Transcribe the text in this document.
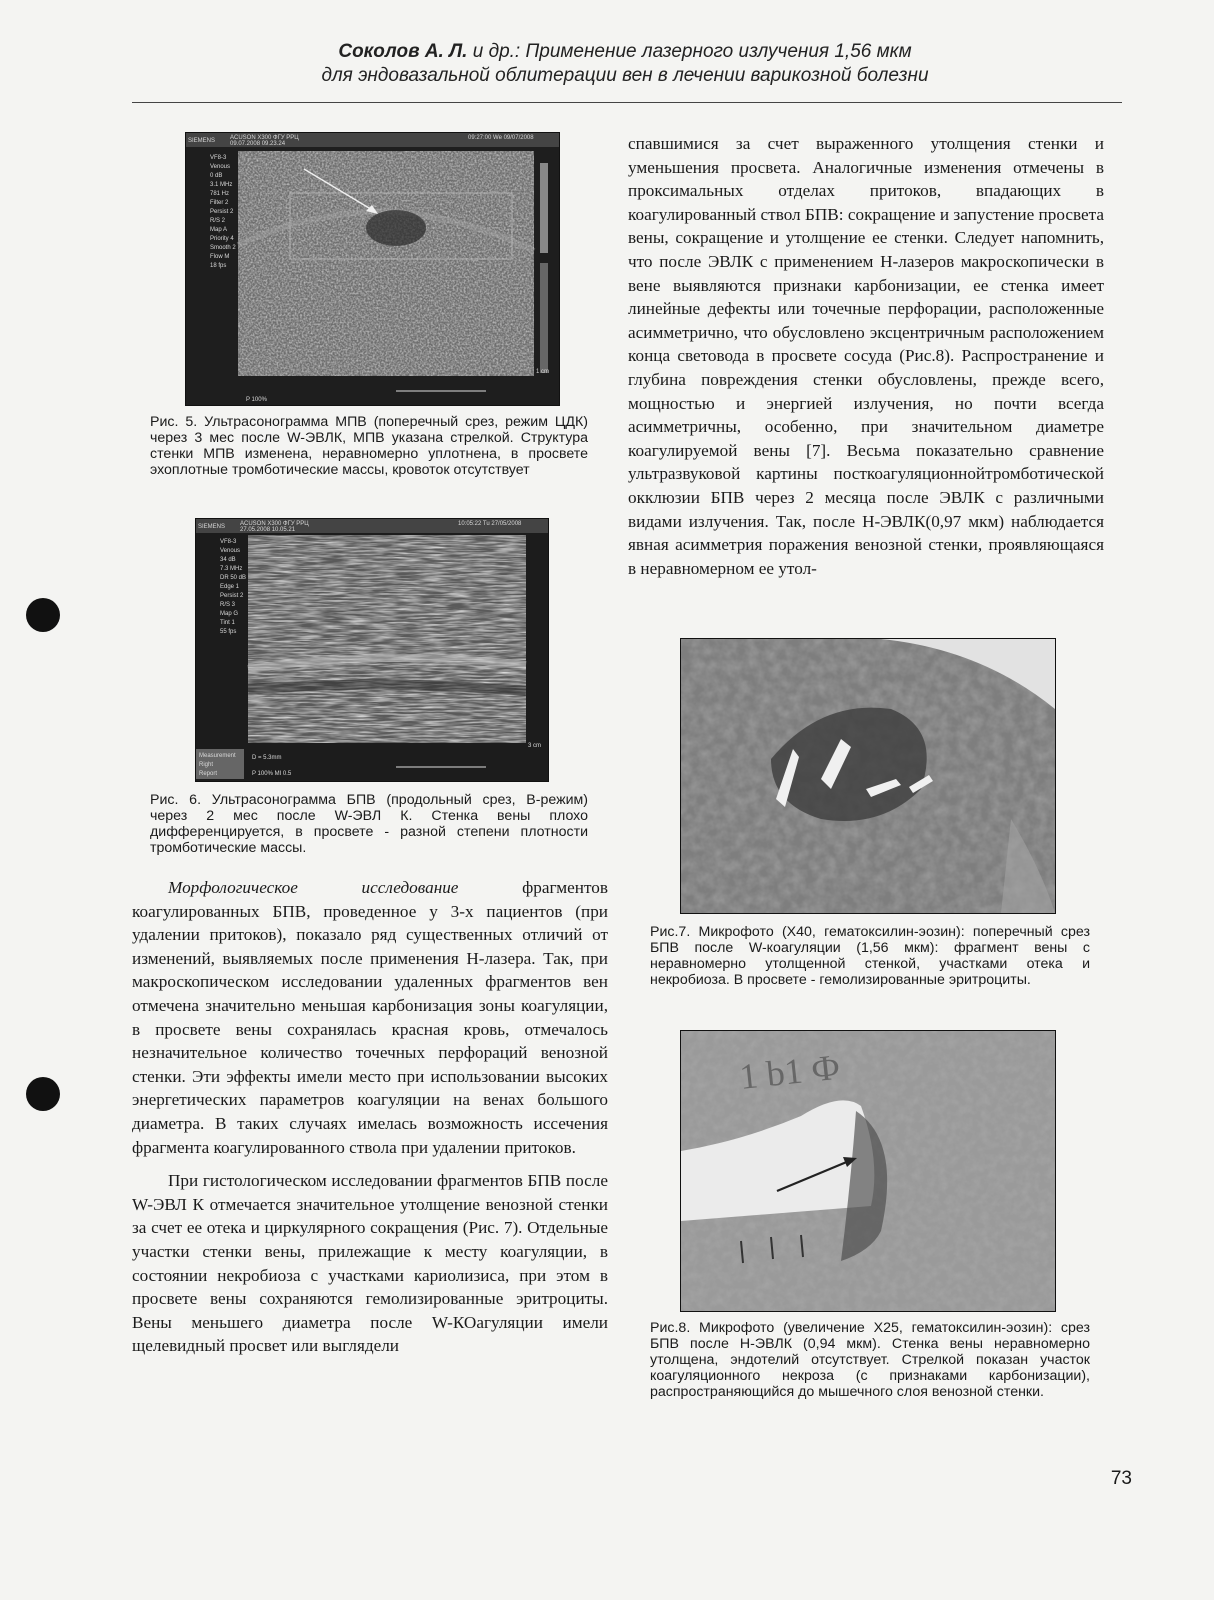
Соколов А. Л. и др.: Применение лазерного излучения 1,56 мкм
для эндовазальной облитерации вен в лечении варикозной болезни
SIEMENS ACUSON X300 ФГУ РРЦ
09.07.2008 09.23.24
09:27:00 We 09/07/2008
VF8-3
Venous
0 dB
3.1 MHz
781 Hz
Filter 2
Persist 2
R/S 2
Map A
Priority 4
Smooth 2
Flow M
18 fps
1 cm
P 100%
Рис. 5. Ультрасонограмма МПВ (поперечный срез, режим ЦДК) через 3 мес после W-ЭВЛК, МПВ указана стрелкой. Структура стенки МПВ изменена, неравномерно уплотнена, в просвете эхоплотные тромботические массы, кровоток отсутствует
SIEMENS ACUSON X300 ФГУ РРЦ
27.05.2008 10.05.21
10:05:22 Tu 27/05/2008
VF8-3
Venous
34 dB
7.3 MHz
DR 50 dB
Edge 1
Persist 2
R/S 3
Map G
Tint 1
55 fps
Measurement
Right
Report
D = 5.3mm
P 100% MI 0.5
3 cm
Рис. 6. Ультрасонограмма БПВ (продольный срез, В-режим) через 2 мес после W-ЭВЛ К. Стенка вены плохо дифференцируется, в просвете - разной степени плотности тромботические массы.

Морфологическое исследование фрагментов коагулированных БПВ, проведенное у 3-х пациентов (при удалении притоков), показало ряд существенных отличий от изменений, выявляемых после применения Н-лазера. Так, при макроскопическом исследовании удаленных фрагментов вен отмечена значительно меньшая карбонизация зоны коагуляции, в просвете вены сохранялась красная кровь, отмечалось незначительное количество точечных перфораций венозной стенки. Эти эффекты имели место при использовании высоких энергетических параметров коагуляции на венах большого диаметра. В таких случаях имелась возможность иссечения фрагмента коагулированного ствола при удалении притоков.

При гистологическом исследовании фрагментов БПВ после W-ЭВЛ К отмечается значительное утолщение венозной стенки за счет ее отека и циркулярного сокращения (Рис. 7). Отдельные участки стенки вены, прилежащие к месту коагуляции, в состоянии некробиоза с участками кариолизиса, при этом в просвете вены сохраняются гемолизированные эритроциты. Вены меньшего диаметра после W-КОагуляции имели щелевидный просвет или выглядели

спавшимися за счет выраженного утолщения стенки и уменьшения просвета. Аналогичные изменения отмечены в проксимальных отделах притоков, впадающих в коагулированный ствол БПВ: сокращение и запустение просвета вены, сокращение и утолщение ее стенки. Следует напомнить, что после ЭВЛК с применением Н-лазеров макроскопически в вене выявляются признаки карбонизации, ее стенка имеет линейные дефекты или точечные перфорации, расположенные асимметрично, что обусловлено эксцентричным расположением конца световода в просвете сосуда (Рис.8). Распространение и глубина повреждения стенки обусловлены, прежде всего, мощностью и энергией излучения, но почти всегда асимметричны, особенно, при значительном диаметре коагулируемой вены [7]. Весьма показательно сравнение ультразвуковой картины посткоагуляционнойтромботической окклюзии БПВ через 2 месяца после ЭВЛК с различными видами излучения. Так, после Н-ЭВЛК(0,97 мкм) наблюдается явная асимметрия поражения венозной стенки, проявляющаяся в неравномерном ее утол-

Рис.7. Микрофото (Х40, гематоксилин-эозин): поперечный срез БПВ после W-коагуляции (1,56 мкм): фрагмент вены с неравномерно утолщенной стенкой, участками отека и некробиоза. В просвете - гемолизированные эритроциты.
1 b1 Ф
Рис.8. Микрофото (увеличение Х25, гематоксилин-эозин): срез БПВ после Н-ЭВЛК (0,94 мкм). Стенка вены неравномерно утолщена, эндотелий отсутствует. Стрелкой показан участок коагуляционного некроза (с признаками карбонизации), распространяющийся до мышечного слоя венозной стенки.
73
